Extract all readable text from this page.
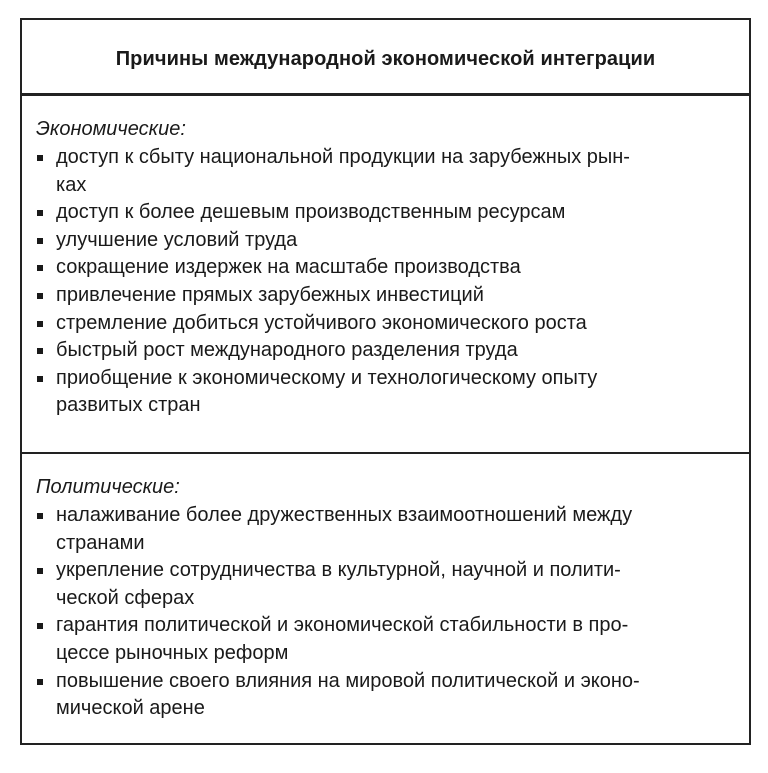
Причины международной экономической интеграции
Экономические:
доступ к сбыту национальной продукции на зарубежных рын-
ках
доступ к более дешевым производственным ресурсам
улучшение условий труда
сокращение издержек на масштабе производства
привлечение прямых зарубежных инвестиций
стремление добиться устойчивого экономического роста
быстрый рост международного разделения труда
приобщение к экономическому и технологическому опыту
развитых стран
Политические:
налаживание более дружественных взаимоотношений между
странами
укрепление сотрудничества в культурной, научной и полити-
ческой сферах
гарантия политической и экономической стабильности в про-
цессе рыночных реформ
повышение своего влияния на мировой политической и эконо-
мической арене
